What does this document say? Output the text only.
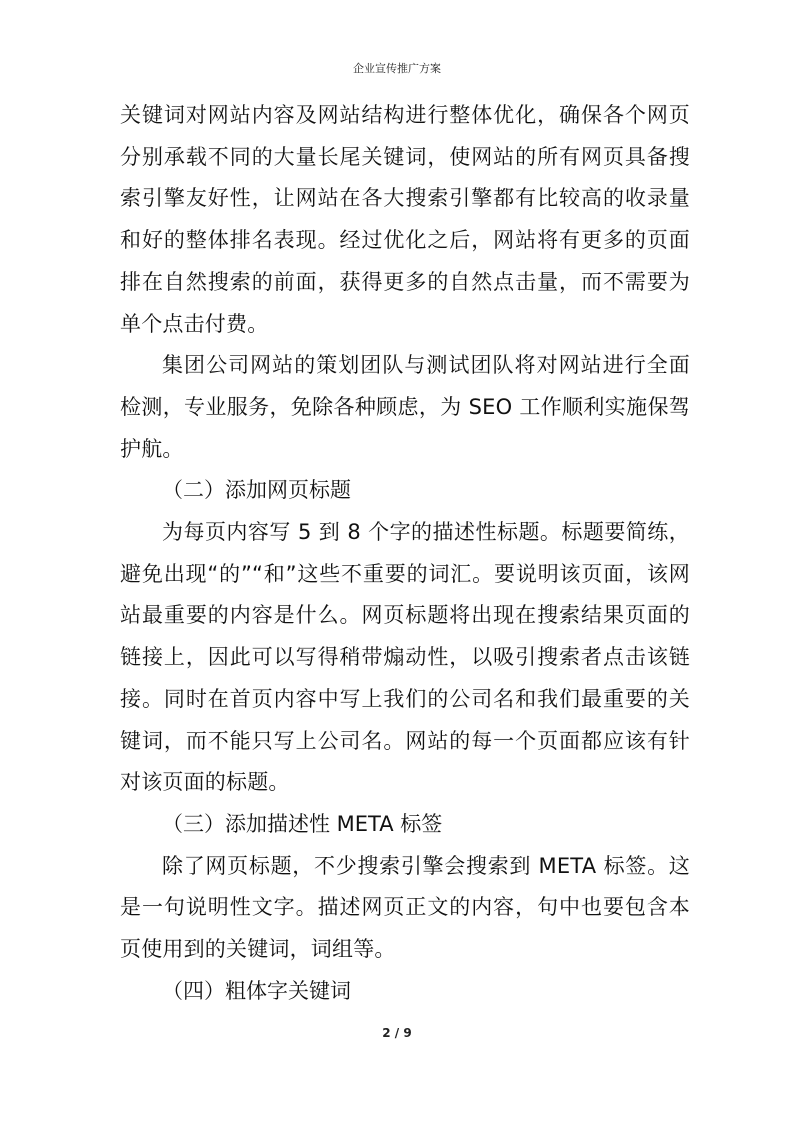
企业宣传推广方案

关键词对网站内容及网站结构进行整体优化，确保各个网页分别承载不同的大量长尾关键词，使网站的所有网页具备搜索引擎友好性，让网站在各大搜索引擎都有比较高的收录量和好的整体排名表现。经过优化之后，网站将有更多的页面排在自然搜索的前面，获得更多的自然点击量，而不需要为单个点击付费。

集团公司网站的策划团队与测试团队将对网站进行全面检测，专业服务，免除各种顾虑，为 SEO 工作顺利实施保驾护航。

（二）添加网页标题

为每页内容写 5 到 8 个字的描述性标题。标题要简练，避免出现“的”“和”这些不重要的词汇。要说明该页面，该网站最重要的内容是什么。网页标题将出现在搜索结果页面的链接上，因此可以写得稍带煽动性，以吸引搜索者点击该链接。同时在首页内容中写上我们的公司名和我们最重要的关键词，而不能只写上公司名。网站的每一个页面都应该有针对该页面的标题。

（三）添加描述性 META 标签

除了网页标题，不少搜索引擎会搜索到 META 标签。这是一句说明性文字。描述网页正文的内容，句中也要包含本页使用到的关键词，词组等。

（四）粗体字关键词

2 / 9
